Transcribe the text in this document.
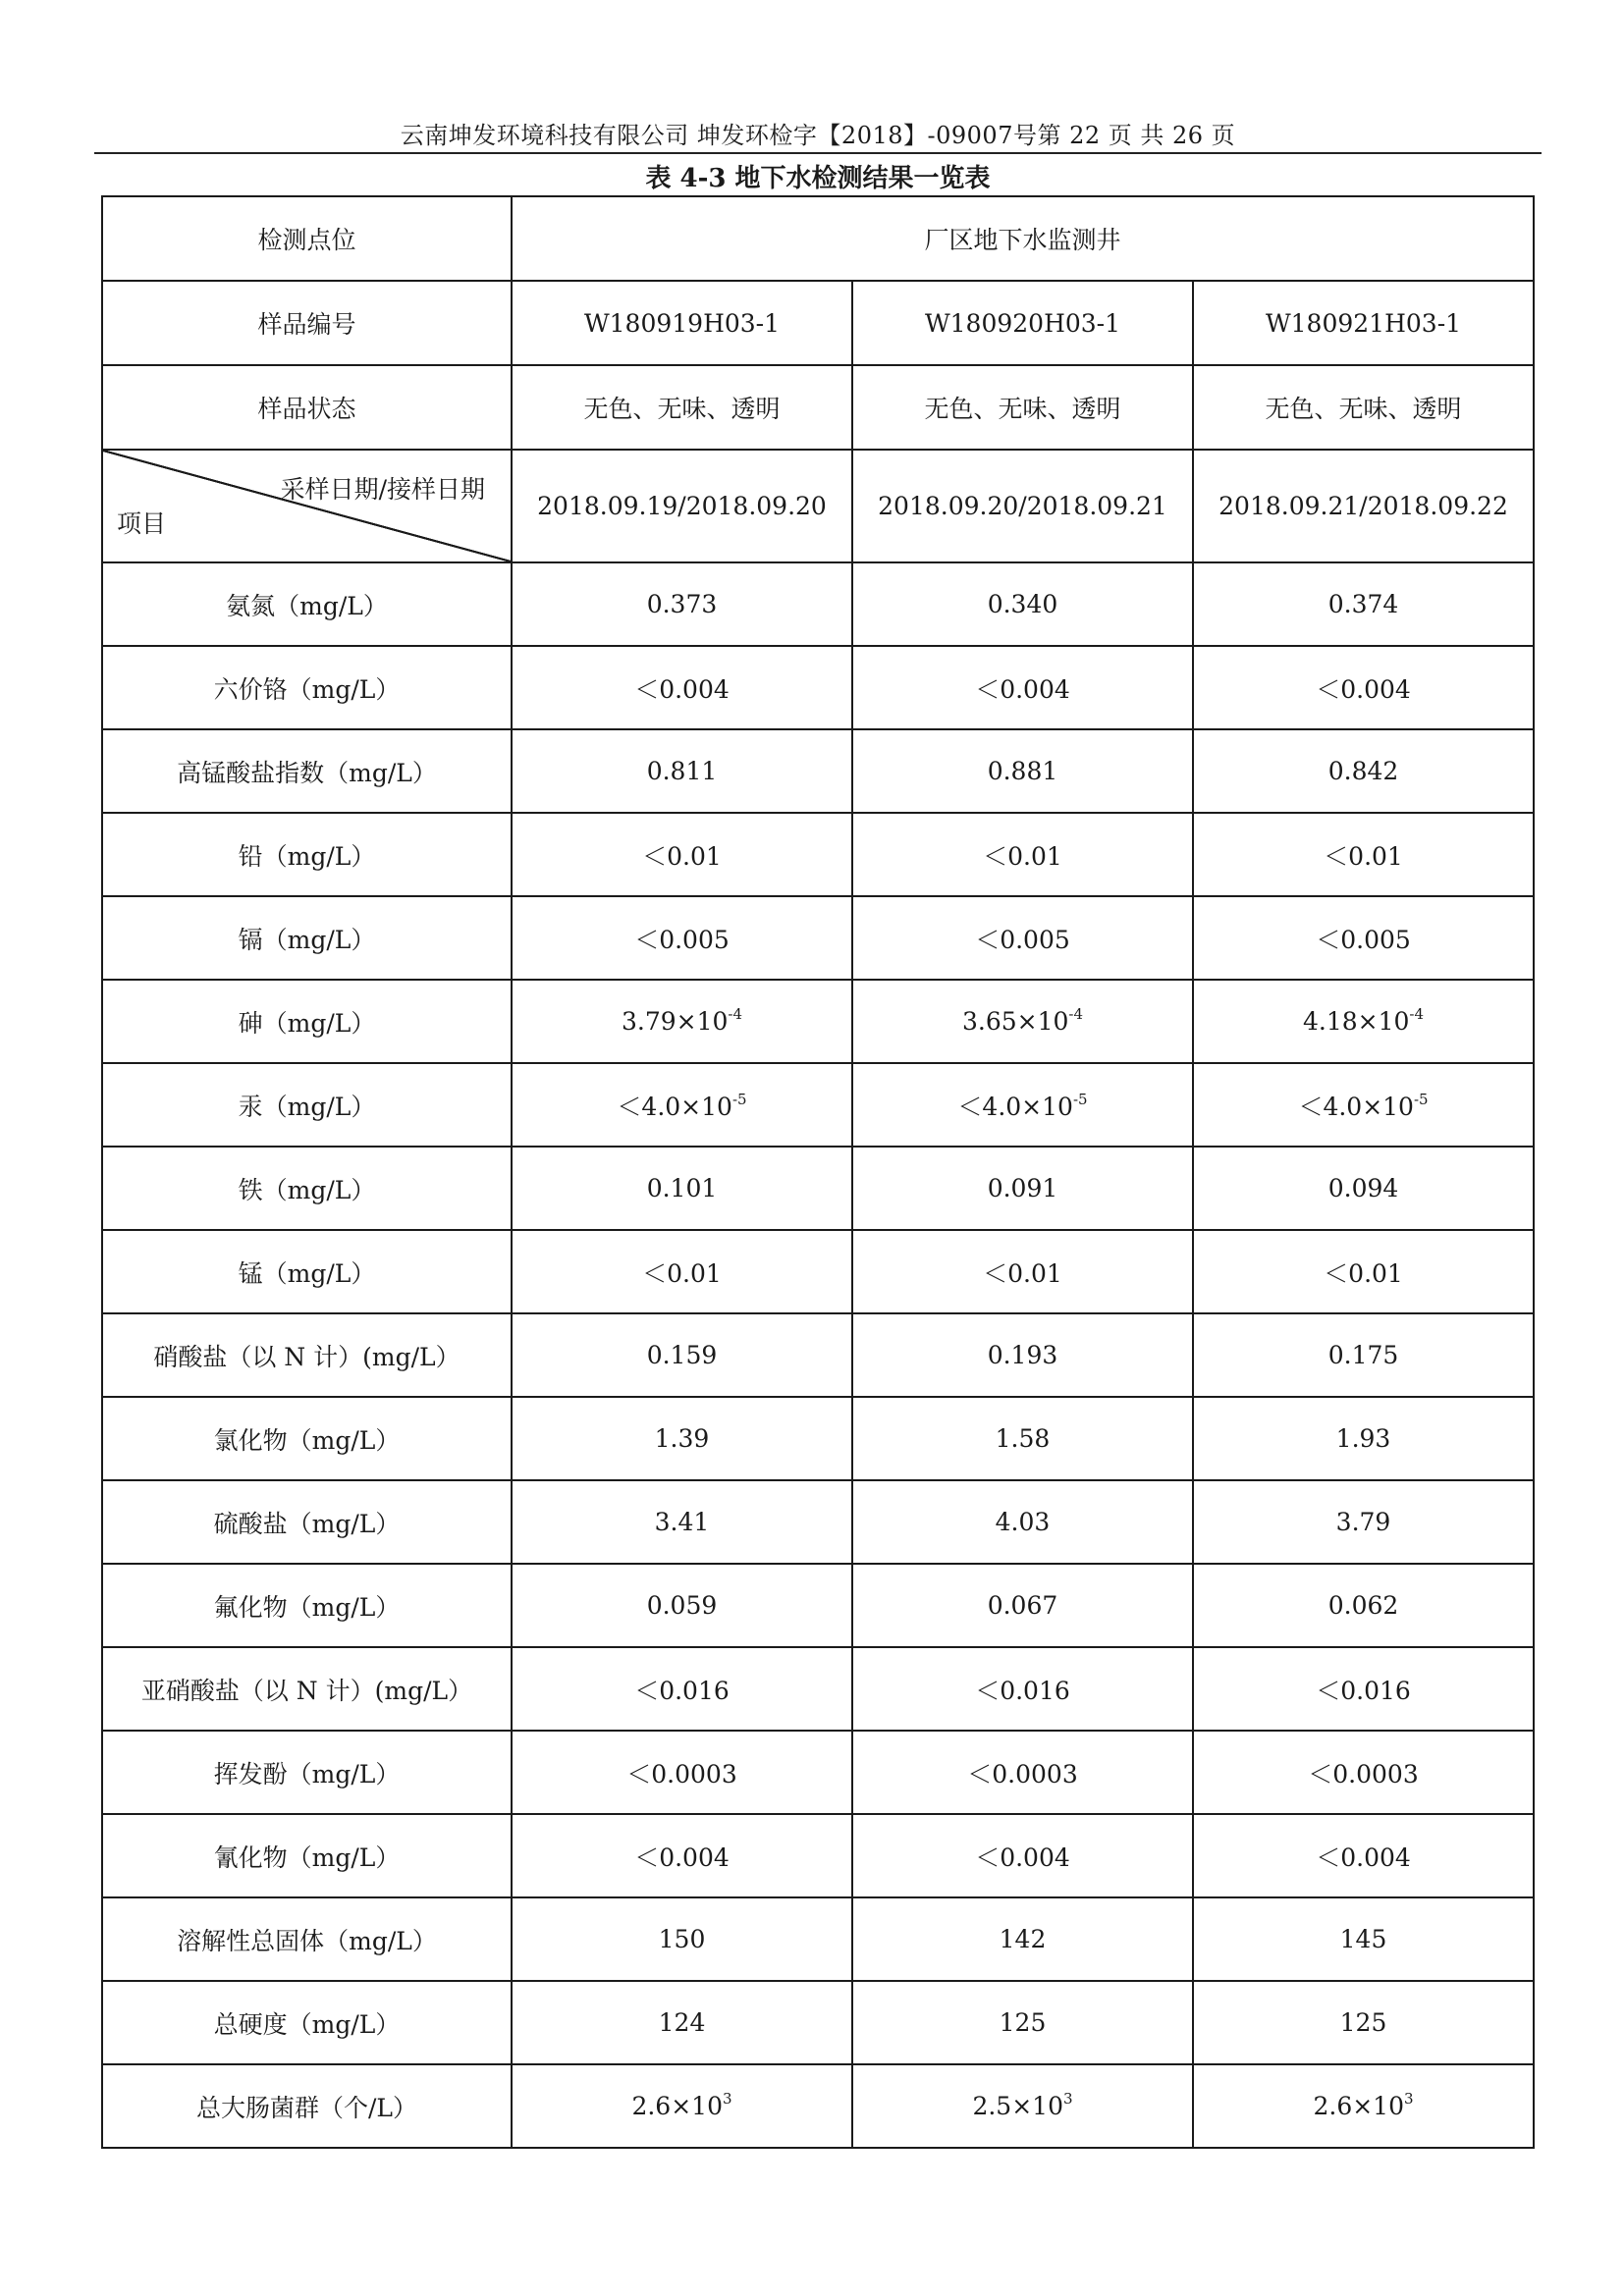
云南坤发环境科技有限公司 坤发环检字【2018】-09007号第 22 页 共 26 页
表 4-3 地下水检测结果一览表
检测点位	厂区地下水监测井		
样品编号	W180919H03-1	W180920H03-1	W180921H03-1
样品状态	无色、无味、透明	无色、无味、透明	无色、无味、透明

采样日期/接样日期
项目	2018.09.19/2018.09.20	2018.09.20/2018.09.21	2018.09.21/2018.09.22
氨氮（mg/L）	0.373	0.340	0.374
六价铬（mg/L）	＜0.004	＜0.004	＜0.004
高锰酸盐指数（mg/L）	0.811	0.881	0.842
铅（mg/L）	＜0.01	＜0.01	＜0.01
镉（mg/L）	＜0.005	＜0.005	＜0.005
砷（mg/L）	$3.79\times 10^{-4}$	$3.65\times 10^{-4}$	$4.18\times 10^{-4}$
汞（mg/L）	$<4.0\times 10^{-5}$	$<4.0\times 10^{-5}$	$<4.0\times 10^{-5}$
铁（mg/L）	0.101	0.091	0.094
锰（mg/L）	＜0.01	＜0.01	＜0.01
硝酸盐（以 N 计）(mg/L）	0.159	0.193	0.175
氯化物（mg/L）	1.39	1.58	1.93
硫酸盐（mg/L）	3.41	4.03	3.79
氟化物（mg/L）	0.059	0.067	0.062
亚硝酸盐（以 N 计）(mg/L）	＜0.016	＜0.016	＜0.016
挥发酚（mg/L）	＜0.0003	＜0.0003	＜0.0003
氰化物（mg/L）	＜0.004	＜0.004	＜0.004
溶解性总固体（mg/L）	150	142	145
总硬度（mg/L）	124	125	125
总大肠菌群（个/L）	$2.6\times 10^3$	$2.5\times 10^3$	$2.6\times 10^3$
